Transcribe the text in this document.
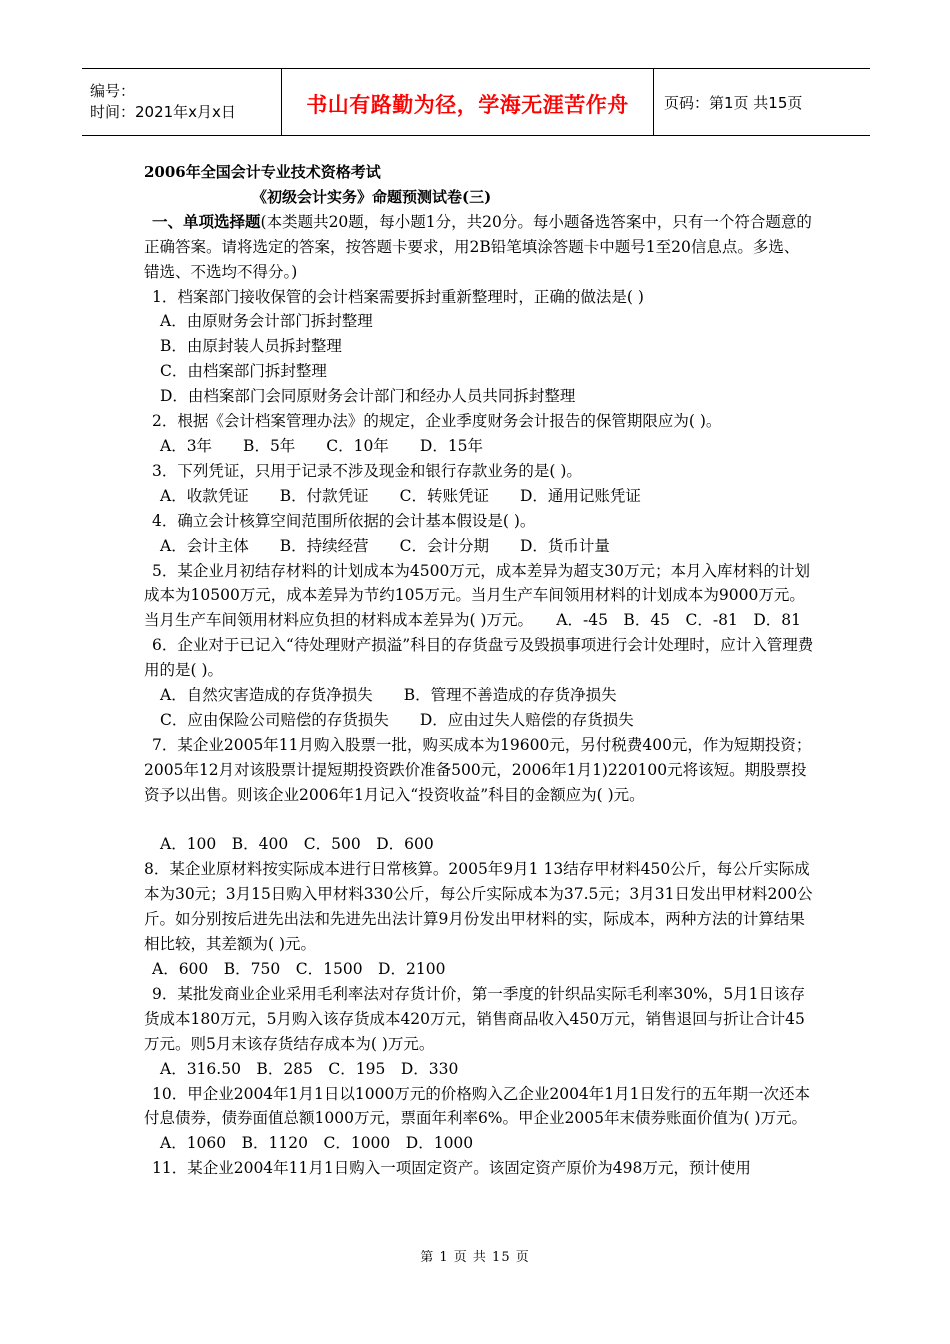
编号：
时间：2021年x月x日	书山有路勤为径，学海无涯苦作舟 页码：第1页 共15页

2006年全国会计专业技术资格考试

《初级会计实务》命题预测试卷(三)

一、单项选择题(本类题共20题，每小题1分，共20分。每小题备选答案中，只有一个符合题意的正确答案。请将选定的答案，按答题卡要求，用2B铅笔填涂答题卡中题号1至20信息点。多选、错选、不选均不得分。)

1．档案部门接收保管的会计档案需要拆封重新整理时，正确的做法是( )

A．由原财务会计部门拆封整理

B．由原封装人员拆封整理

C．由档案部门拆封整理

D．由档案部门会同原财务会计部门和经办人员共同拆封整理

2．根据《会计档案管理办法》的规定，企业季度财务会计报告的保管期限应为( )。

A．3年　　B．5年　　C．10年　　D．15年

3．下列凭证，只用于记录不涉及现金和银行存款业务的是( )。

A．收款凭证　　B．付款凭证　　C．转账凭证　　D．通用记账凭证

4．确立会计核算空间范围所依据的会计基本假设是( )。

A．会计主体　　B．持续经营　　C．会计分期　　D．货币计量

5．某企业月初结存材料的计划成本为4500万元，成本差异为超支30万元；本月入库材料的计划成本为10500万元，成本差异为节约105万元。当月生产车间领用材料的计划成本为9000万元。当月生产车间领用材料应负担的材料成本差异为( )万元。　　A．-45　B．45　C．-81　D．81

6．企业对于已记入“待处理财产损溢”科目的存货盘亏及毁损事项进行会计处理时，应计入管理费用的是( )。

A．自然灾害造成的存货净损失　　B．管理不善造成的存货净损失

C．应由保险公司赔偿的存货损失　　D．应由过失人赔偿的存货损失

7．某企业2005年11月购入股票一批，购买成本为19600元，另付税费400元，作为短期投资；2005年12月对该股票计提短期投资跌价准备500元，2006年1月1)220100元将该短。期股票投资予以出售。则该企业2006年1月记入“投资收益”科目的金额应为( )元。

A．100　B．400　C．500　D．600

8．某企业原材料按实际成本进行日常核算。2005年9月1 13结存甲材料450公斤，每公斤实际成本为30元；3月15日购入甲材料330公斤，每公斤实际成本为37.5元；3月31日发出甲材料200公斤。如分别按后进先出法和先进先出法计算9月份发出甲材料的实，际成本，两种方法的计算结果相比较，其差额为( )元。

A．600　B．750　C．1500　D．2100

9．某批发商业企业采用毛利率法对存货计价，第一季度的针织品实际毛利率30%，5月1日该存货成本180万元，5月购入该存货成本420万元，销售商品收入450万元，销售退回与折让合计45万元。则5月末该存货结存成本为( )万元。

A．316.50　B．285　C．195　D．330

10．甲企业2004年1月1日以1000万元的价格购入乙企业2004年1月1日发行的五年期一次还本付息债券，债券面值总额1000万元，票面年利率6%。甲企业2005年末债券账面价值为( )万元。

A．1060　B．1120　C．1000　D．1000

11．某企业2004年11月1日购入一项固定资产。该固定资产原价为498万元，预计使用

第 1 页 共 15 页
